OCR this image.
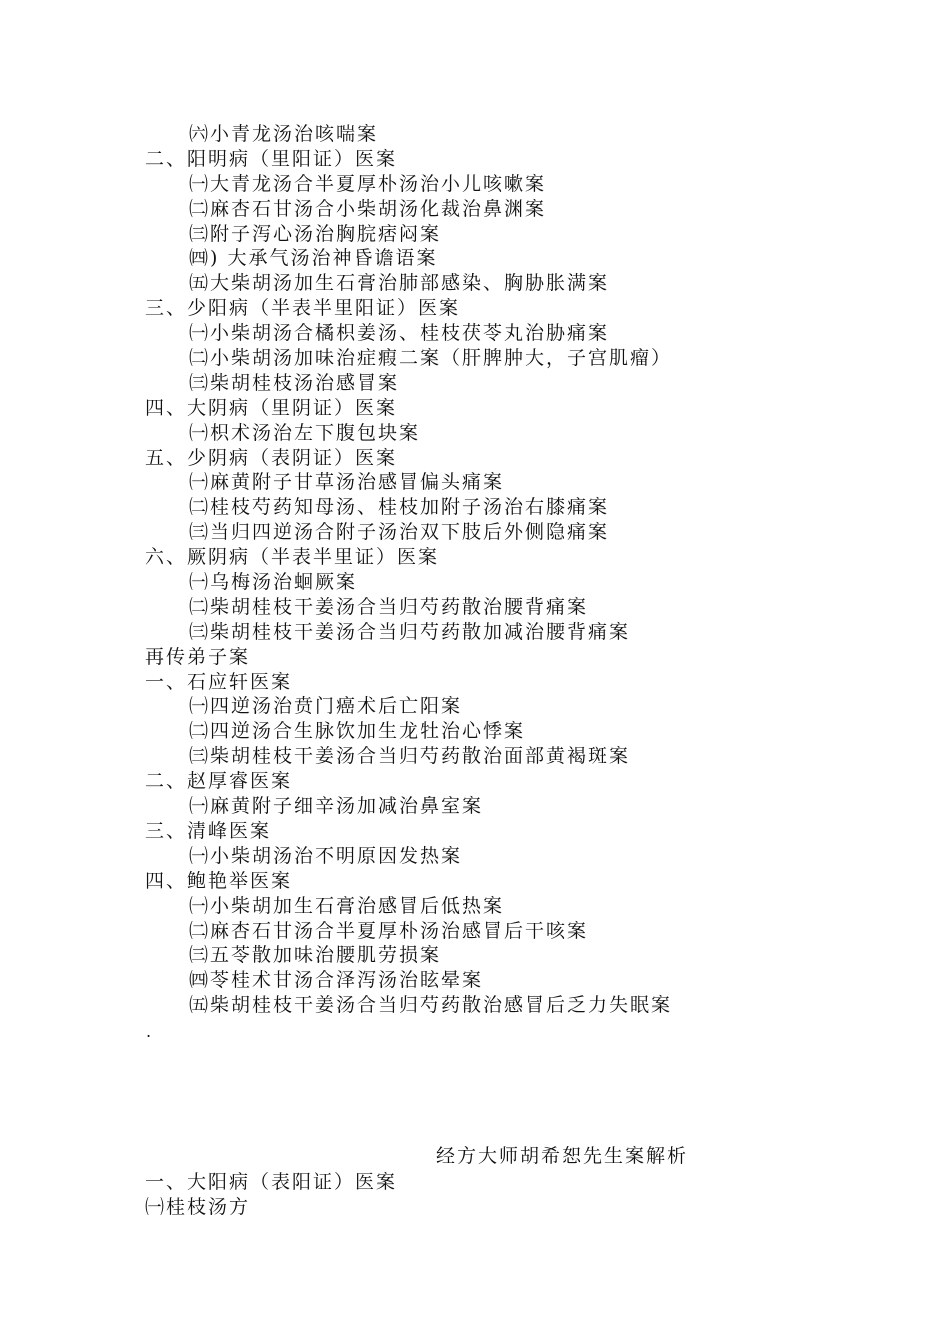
㈥小青龙汤治咳喘案
二、阳明病（里阳证）医案
㈠大青龙汤合半夏厚朴汤治小儿咳嗽案
㈡麻杏石甘汤合小柴胡汤化裁治鼻渊案
㈢附子泻心汤治胸脘痞闷案
㈣) 大承气汤治神昏谵语案
㈤大柴胡汤加生石膏治肺部感染、胸胁胀满案
三、少阳病（半表半里阳证）医案
㈠小柴胡汤合橘枳姜汤、桂枝茯苓丸治胁痛案
㈡小柴胡汤加味治症瘕二案（肝脾肿大，子宫肌瘤）
㈢柴胡桂枝汤治感冒案
四、大阴病（里阴证）医案
㈠枳术汤治左下腹包块案
五、少阴病（表阴证）医案
㈠麻黄附子甘草汤治感冒偏头痛案
㈡桂枝芍药知母汤、桂枝加附子汤治右膝痛案
㈢当归四逆汤合附子汤治双下肢后外侧隐痛案
六、厥阴病（半表半里证）医案
㈠乌梅汤治蛔厥案
㈡柴胡桂枝干姜汤合当归芍药散治腰背痛案
㈢柴胡桂枝干姜汤合当归芍药散加减治腰背痛案
再传弟子案
一、石应轩医案
㈠四逆汤治贲门癌术后亡阳案
㈡四逆汤合生脉饮加生龙牡治心悸案
㈢柴胡桂枝干姜汤合当归芍药散治面部黄褐斑案
二、赵厚睿医案
㈠麻黄附子细辛汤加减治鼻室案
三、清峰医案
㈠小柴胡汤治不明原因发热案
四、鲍艳举医案
㈠小柴胡加生石膏治感冒后低热案
㈡麻杏石甘汤合半夏厚朴汤治感冒后干咳案
㈢五苓散加味治腰肌劳损案
㈣苓桂术甘汤合泽泻汤治眩晕案
㈤柴胡桂枝干姜汤合当归芍药散治感冒后乏力失眠案
.
经方大师胡希恕先生案解析
一、大阳病（表阳证）医案
㈠桂枝汤方
